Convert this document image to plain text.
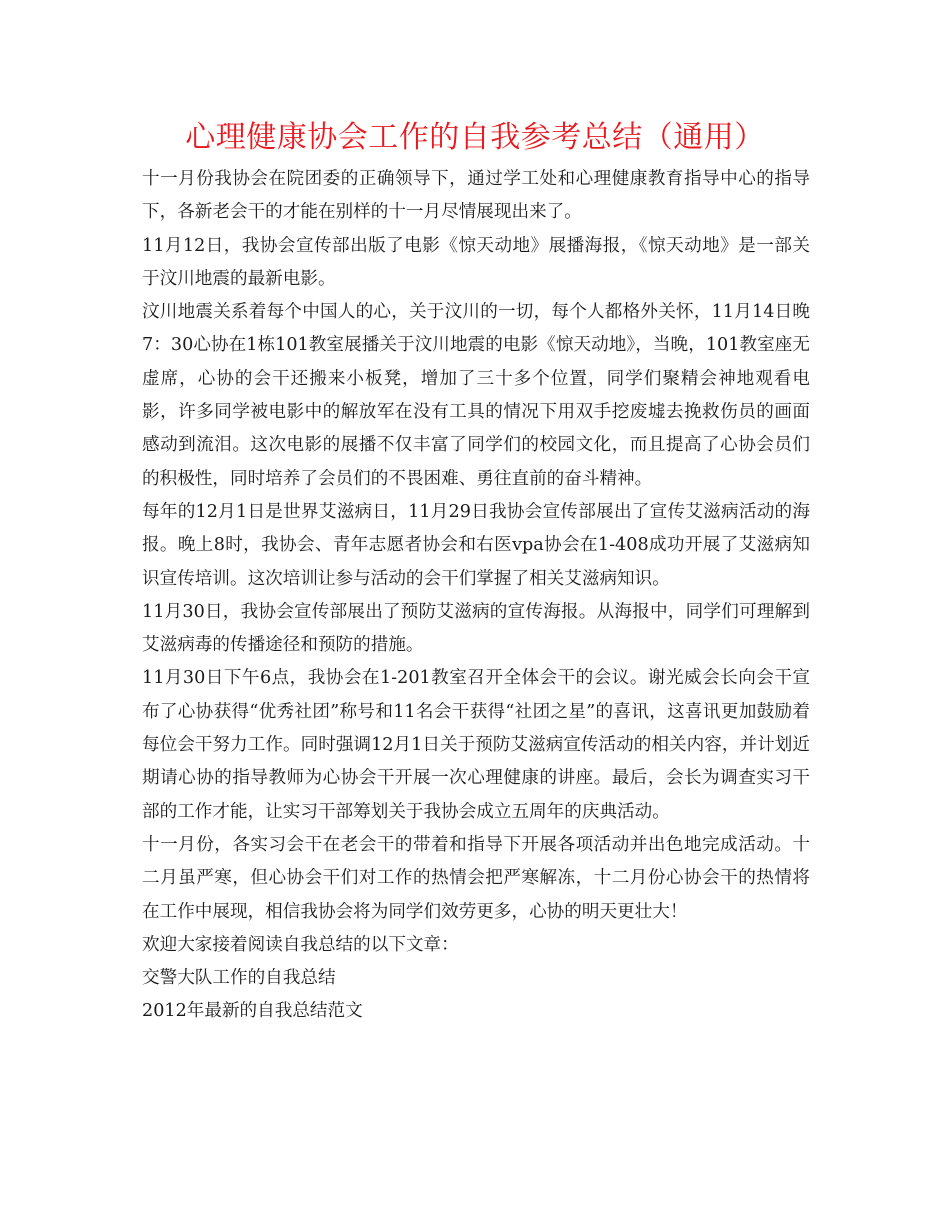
心理健康协会工作的自我参考总结（通用）

十一月份我协会在院团委的正确领导下，通过学工处和心理健康教育指导中心的指导下，各新老会干的才能在别样的十一月尽情展现出来了。

11月12日，我协会宣传部出版了电影《惊天动地》展播海报，《惊天动地》是一部关于汶川地震的最新电影。

汶川地震关系着每个中国人的心，关于汶川的一切，每个人都格外关怀，11月14日晚7：30心协在1栋101教室展播关于汶川地震的电影《惊天动地》，当晚，101教室座无虚席，心协的会干还搬来小板凳，增加了三十多个位置，同学们聚精会神地观看电影，许多同学被电影中的解放军在没有工具的情况下用双手挖废墟去挽救伤员的画面感动到流泪。这次电影的展播不仅丰富了同学们的校园文化，而且提高了心协会员们的积极性，同时培养了会员们的不畏困难、勇往直前的奋斗精神。

每年的12月1日是世界艾滋病日，11月29日我协会宣传部展出了宣传艾滋病活动的海报。晚上8时，我协会、青年志愿者协会和右医vpa协会在1-408成功开展了艾滋病知识宣传培训。这次培训让参与活动的会干们掌握了相关艾滋病知识。

11月30日，我协会宣传部展出了预防艾滋病的宣传海报。从海报中，同学们可理解到艾滋病毒的传播途径和预防的措施。

11月30日下午6点，我协会在1-201教室召开全体会干的会议。谢光威会长向会干宣布了心协获得“优秀社团”称号和11名会干获得“社团之星”的喜讯，这喜讯更加鼓励着每位会干努力工作。同时强调12月1日关于预防艾滋病宣传活动的相关内容，并计划近期请心协的指导教师为心协会干开展一次心理健康的讲座。最后，会长为调查实习干部的工作才能，让实习干部筹划关于我协会成立五周年的庆典活动。

十一月份，各实习会干在老会干的带着和指导下开展各项活动并出色地完成活动。十二月虽严寒，但心协会干们对工作的热情会把严寒解冻，十二月份心协会干的热情将在工作中展现，相信我协会将为同学们效劳更多，心协的明天更壮大！

欢迎大家接着阅读自我总结的以下文章：

交警大队工作的自我总结

2012年最新的自我总结范文
